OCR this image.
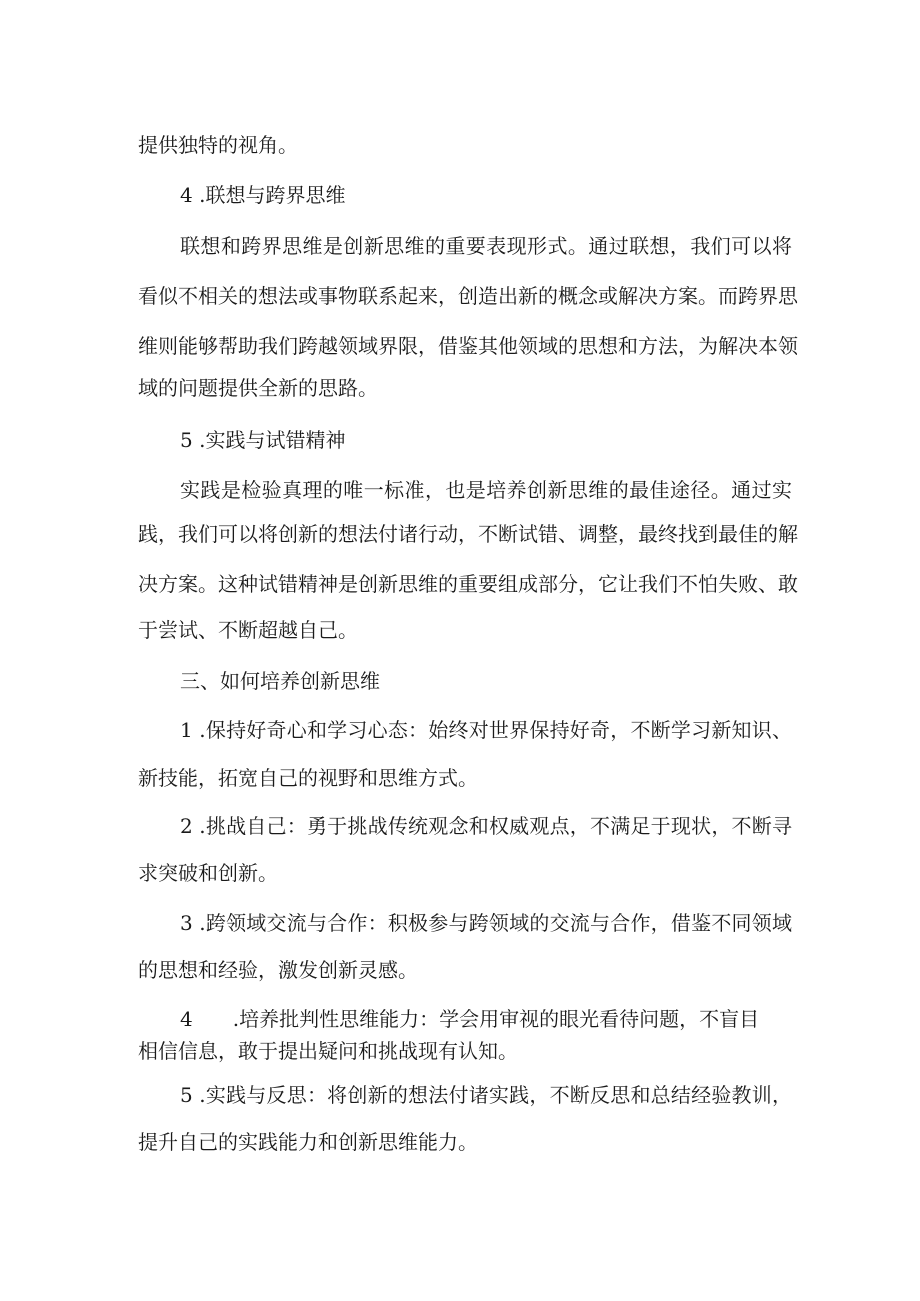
提供独特的视角。

4 .联想与跨界思维

联想和跨界思维是创新思维的重要表现形式。通过联想，我们可以将

看似不相关的想法或事物联系起来，创造出新的概念或解决方案。而跨界思

维则能够帮助我们跨越领域界限，借鉴其他领域的思想和方法，为解决本领

域的问题提供全新的思路。

5 .实践与试错精神

实践是检验真理的唯一标准，也是培养创新思维的最佳途径。通过实

践，我们可以将创新的想法付诸行动，不断试错、调整，最终找到最佳的解

决方案。这种试错精神是创新思维的重要组成部分，它让我们不怕失败、敢

于尝试、不断超越自己。

三、如何培养创新思维

1 .保持好奇心和学习心态：始终对世界保持好奇，不断学习新知识、

新技能，拓宽自己的视野和思维方式。

2 .挑战自己：勇于挑战传统观念和权威观点，不满足于现状，不断寻

求突破和创新。

3 .跨领域交流与合作：积极参与跨领域的交流与合作，借鉴不同领域

的思想和经验，激发创新灵感。

4　　.培养批判性思维能力：学会用审视的眼光看待问题，不盲目

相信信息，敢于提出疑问和挑战现有认知。

5 .实践与反思：将创新的想法付诸实践，不断反思和总结经验教训，

提升自己的实践能力和创新思维能力。
